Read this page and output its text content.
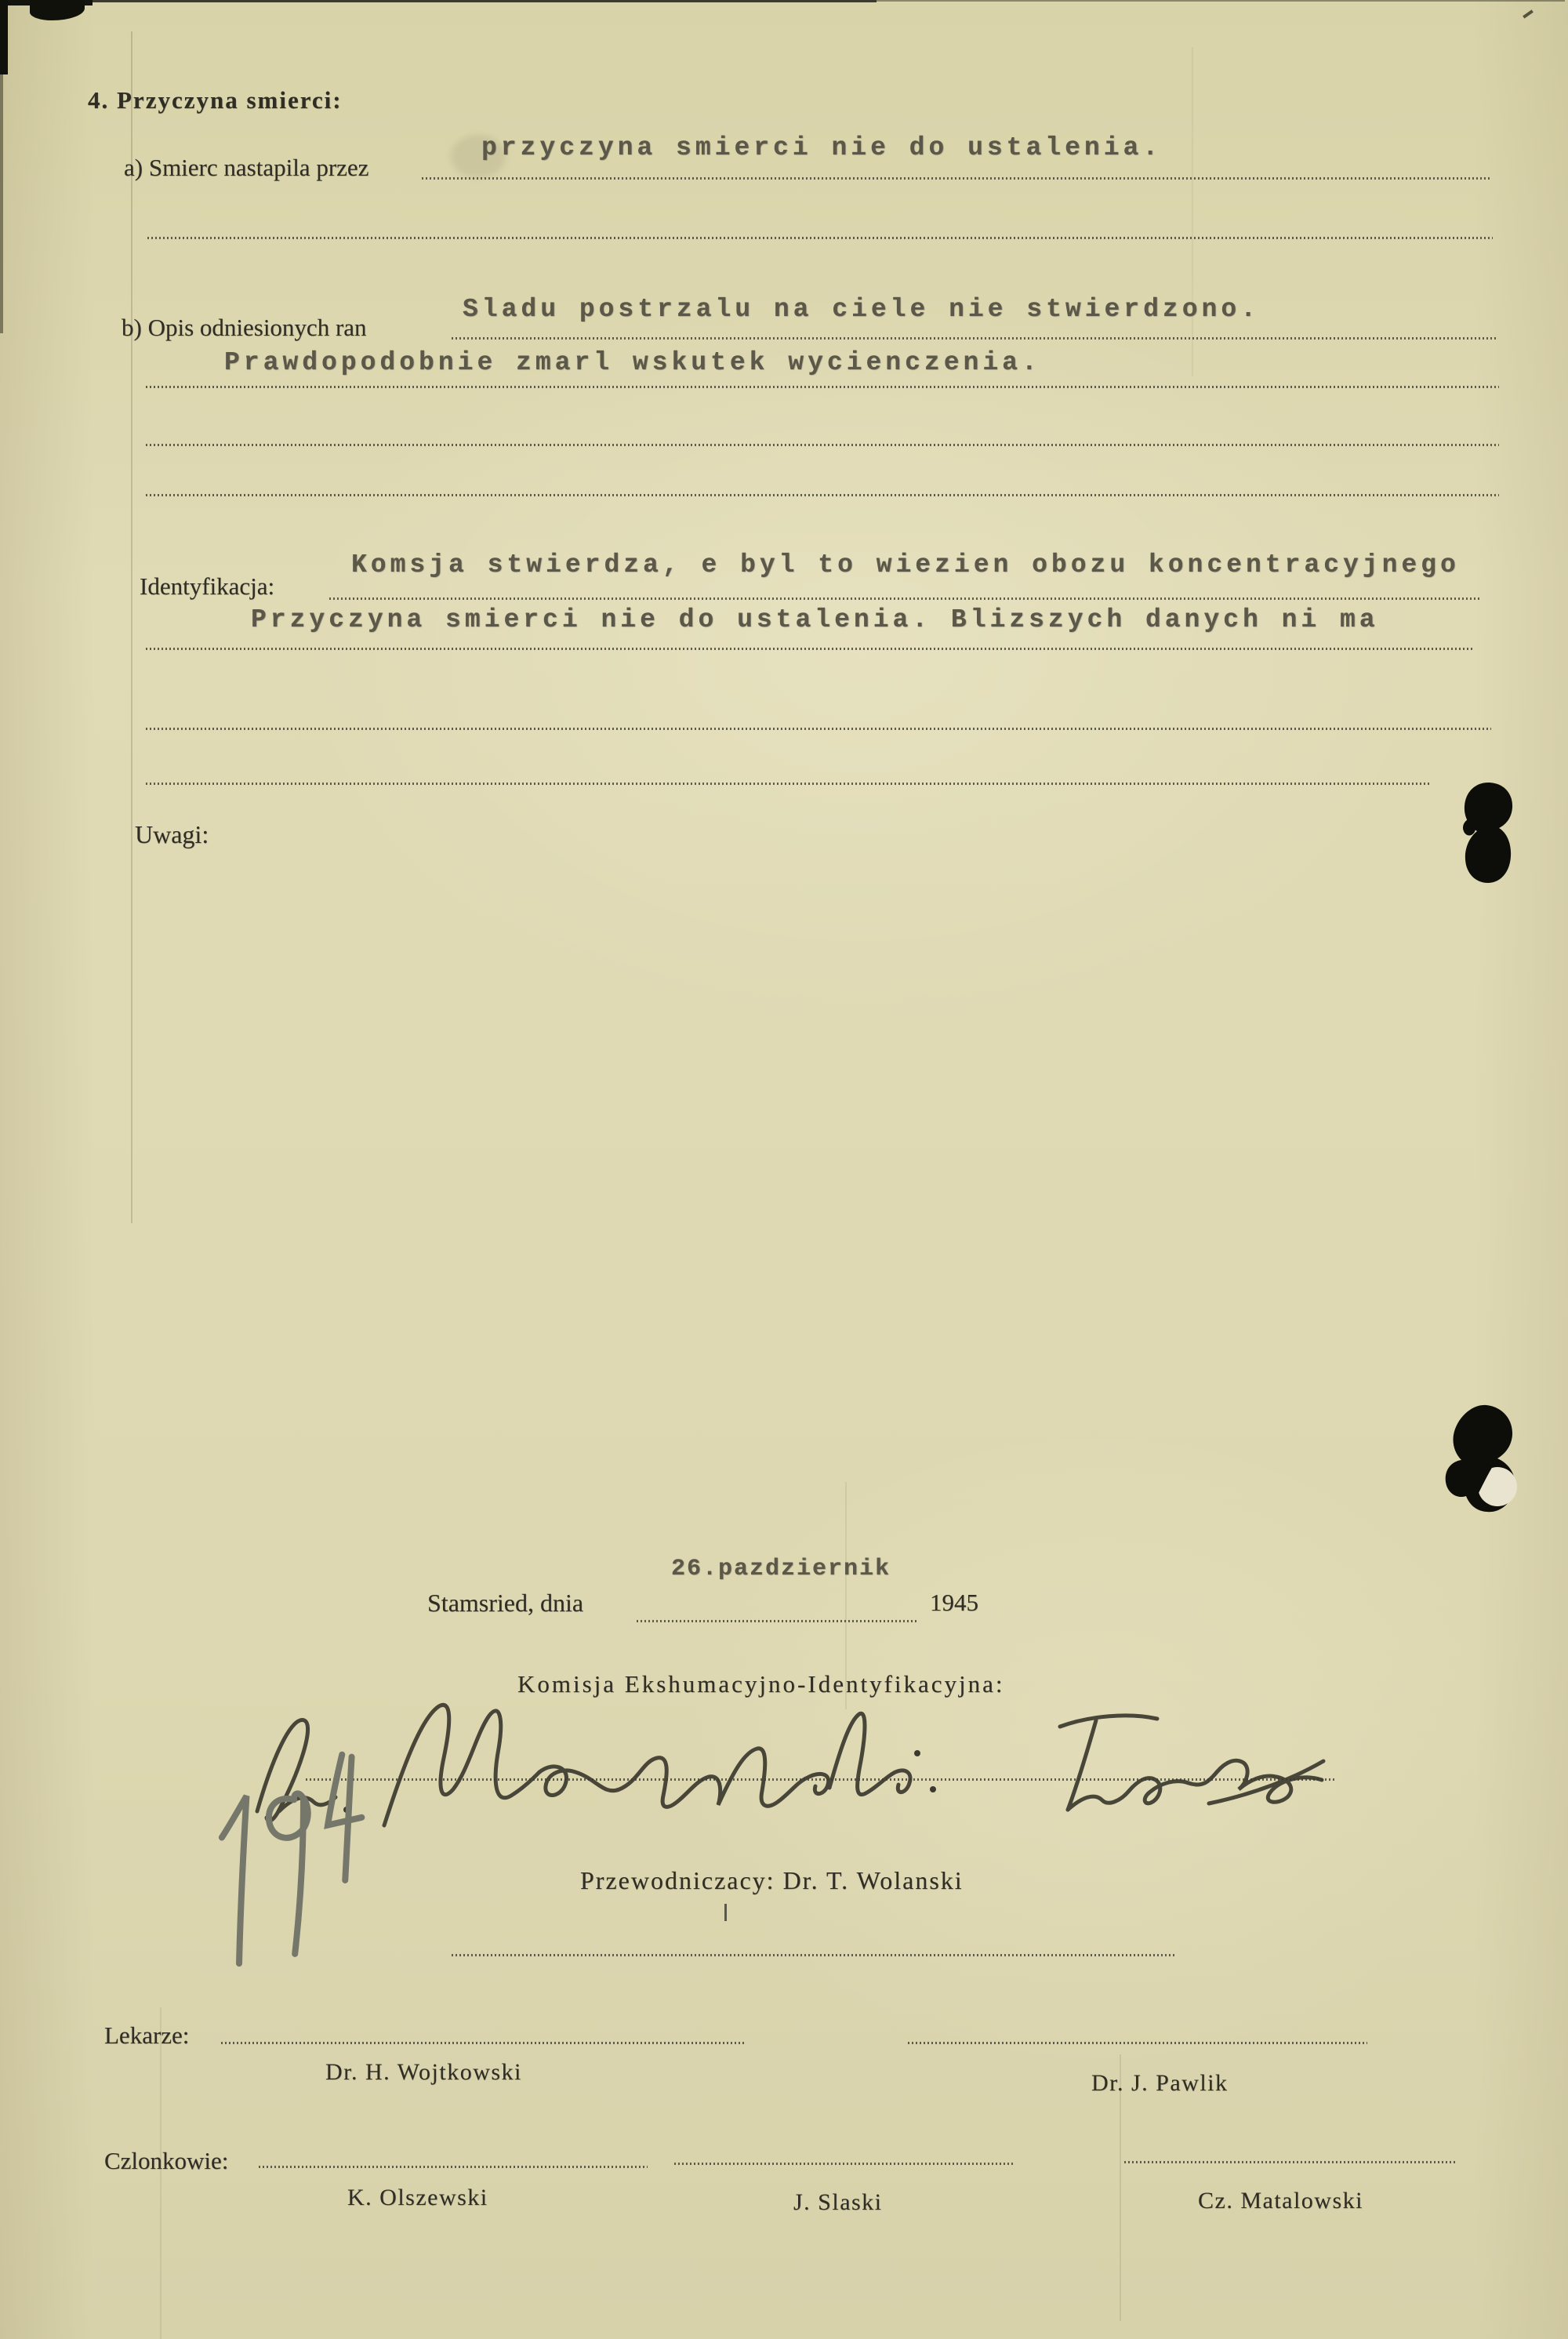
4. Przyczyna smierci:
a) Smierc nastapila przez
przyczyna smierci nie do ustalenia.
b) Opis odniesionych ran
Sladu postrzalu na ciele nie stwierdzono.
Prawdopodobnie zmarl wskutek wycienczenia.
Identyfikacja:
Komsja stwierdza, e byl to wiezien obozu koncentracyjnego
Przyczyna smierci nie do ustalenia. Blizszych danych ni ma
Uwagi:
26.pazdziernik
Stamsried, dnia	1945
Komisja Ekshumacyjno-Identyfikacyjna:
Przewodniczacy: Dr. T. Wolanski
Lekarze:
Dr. H. Wojtkowski	Dr. J. Pawlik
Czlonkowie:
K. Olszewski	J. Slaski	Cz. Matalowski
